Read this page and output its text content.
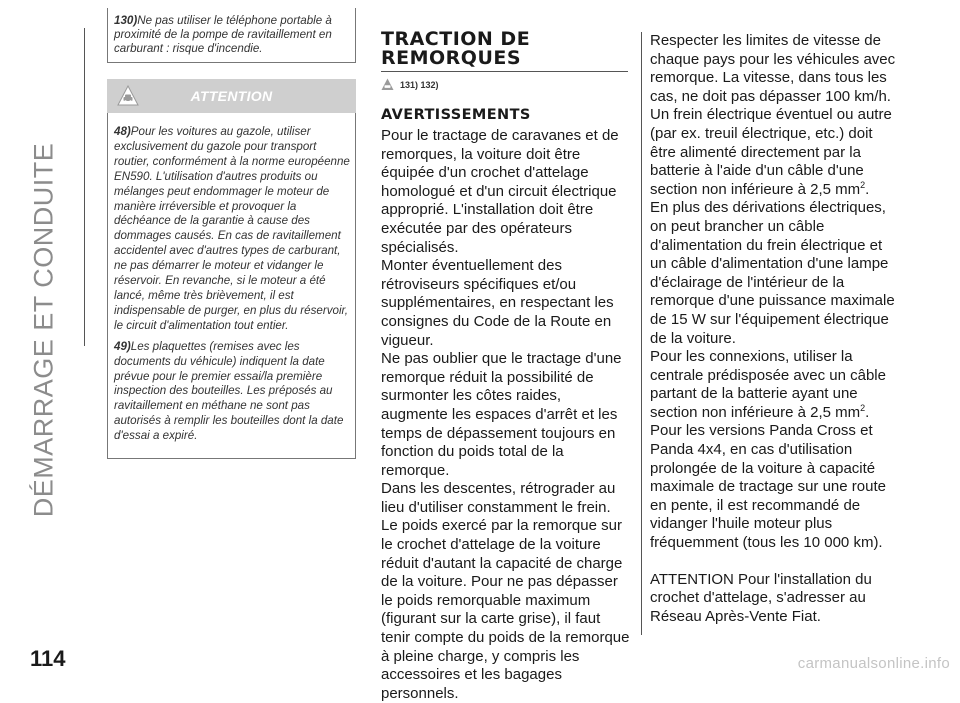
DÉMARRAGE ET CONDUITE
114	carmanualsonline.info
130)Ne pas utiliser le téléphone portable à proximité de la pompe de ravitaillement en carburant : risque d'incendie.
ATTENTION

48)Pour les voitures au gazole, utiliser exclusivement du gazole pour transport routier, conformément à la norme européenne EN590. L'utilisation d'autres produits ou mélanges peut endommager le moteur de manière irréversible et provoquer la déchéance de la garantie à cause des dommages causés. En cas de ravitaillement accidentel avec d'autres types de carburant, ne pas démarrer le moteur et vidanger le réservoir. En revanche, si le moteur a été lancé, même très brièvement, il est indispensable de purger, en plus du réservoir, le circuit d'alimentation tout entier.

49)Les plaquettes (remises avec les documents du véhicule) indiquent la date prévue pour le premier essai/la première inspection des bouteilles. Les préposés au ravitaillement en méthane ne sont pas autorisés à remplir les bouteilles dont la date d'essai a expiré.

TRACTION DE
REMORQUES
131) 132)
AVERTISSEMENTS

Pour le tractage de caravanes et de remorques, la voiture doit être équipée d'un crochet d'attelage homologué et d'un circuit électrique approprié. L'installation doit être exécutée par des opérateurs spécialisés.

Monter éventuellement des rétroviseurs spécifiques et/ou supplémentaires, en respectant les consignes du Code de la Route en vigueur.

Ne pas oublier que le tractage d'une remorque réduit la possibilité de surmonter les côtes raides, augmente les espaces d'arrêt et les temps de dépassement toujours en fonction du poids total de la remorque.

Dans les descentes, rétrograder au lieu d'utiliser constamment le frein.

Le poids exercé par la remorque sur le crochet d'attelage de la voiture réduit d'autant la capacité de charge de la voiture. Pour ne pas dépasser le poids remorquable maximum (figurant sur la carte grise), il faut tenir compte du poids de la remorque à pleine charge, y compris les accessoires et les bagages personnels.

Respecter les limites de vitesse de chaque pays pour les véhicules avec remorque. La vitesse, dans tous les cas, ne doit pas dépasser 100 km/h.

Un frein électrique éventuel ou autre (par ex. treuil électrique, etc.) doit être alimenté directement par la batterie à l'aide d'un câble d'une section non inférieure à 2,5 $mm^2$.

En plus des dérivations électriques, on peut brancher un câble d'alimentation du frein électrique et un câble d'alimentation d'une lampe d'éclairage de l'intérieur de la remorque d'une puissance maximale de 15 W sur l'équipement électrique de la voiture.

Pour les connexions, utiliser la centrale prédisposée avec un câble partant de la batterie ayant une section non inférieure à 2,5 $mm^2$.

Pour les versions Panda Cross et Panda 4x4, en cas d'utilisation prolongée de la voiture à capacité maximale de tractage sur une route en pente, il est recommandé de vidanger l'huile moteur plus fréquemment (tous les 10 000 km).

ATTENTION Pour l'installation du crochet d'attelage, s'adresser au Réseau Après-Vente Fiat.
